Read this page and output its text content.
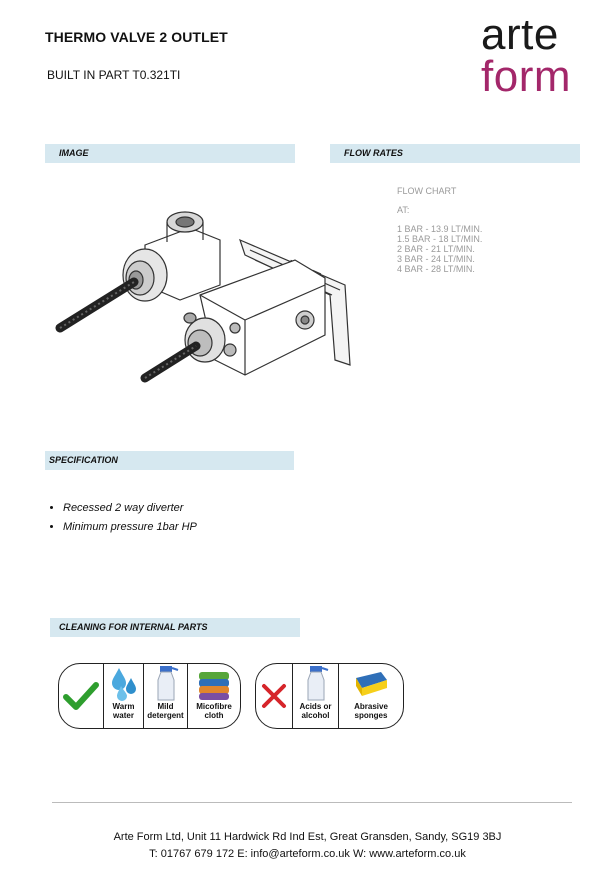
THERMO VALVE 2 OUTLET
BUILT IN PART T0.321TI
arte
form
IMAGE	FLOW RATES
FLOW CHART
AT:
1 BAR - 13.9 LT/MIN.
1.5 BAR - 18 LT/MIN.
2 BAR - 21 LT/MIN.
3 BAR - 24 LT/MIN.
4 BAR - 28 LT/MIN.
SPECIFICATION
• Recessed 2 way diverter
• Minimum pressure 1bar HP
CLEANING FOR INTERNAL PARTS
Warm
water
Mild
detergent
Micofibre
cloth
Acids or
alcohol
Abrasive
sponges
Arte Form Ltd, Unit 11 Hardwick Rd Ind Est, Great Gransden, Sandy, SG19 3BJ
T: 01767 679 172 E: info@arteform.co.uk W: www.arteform.co.uk
